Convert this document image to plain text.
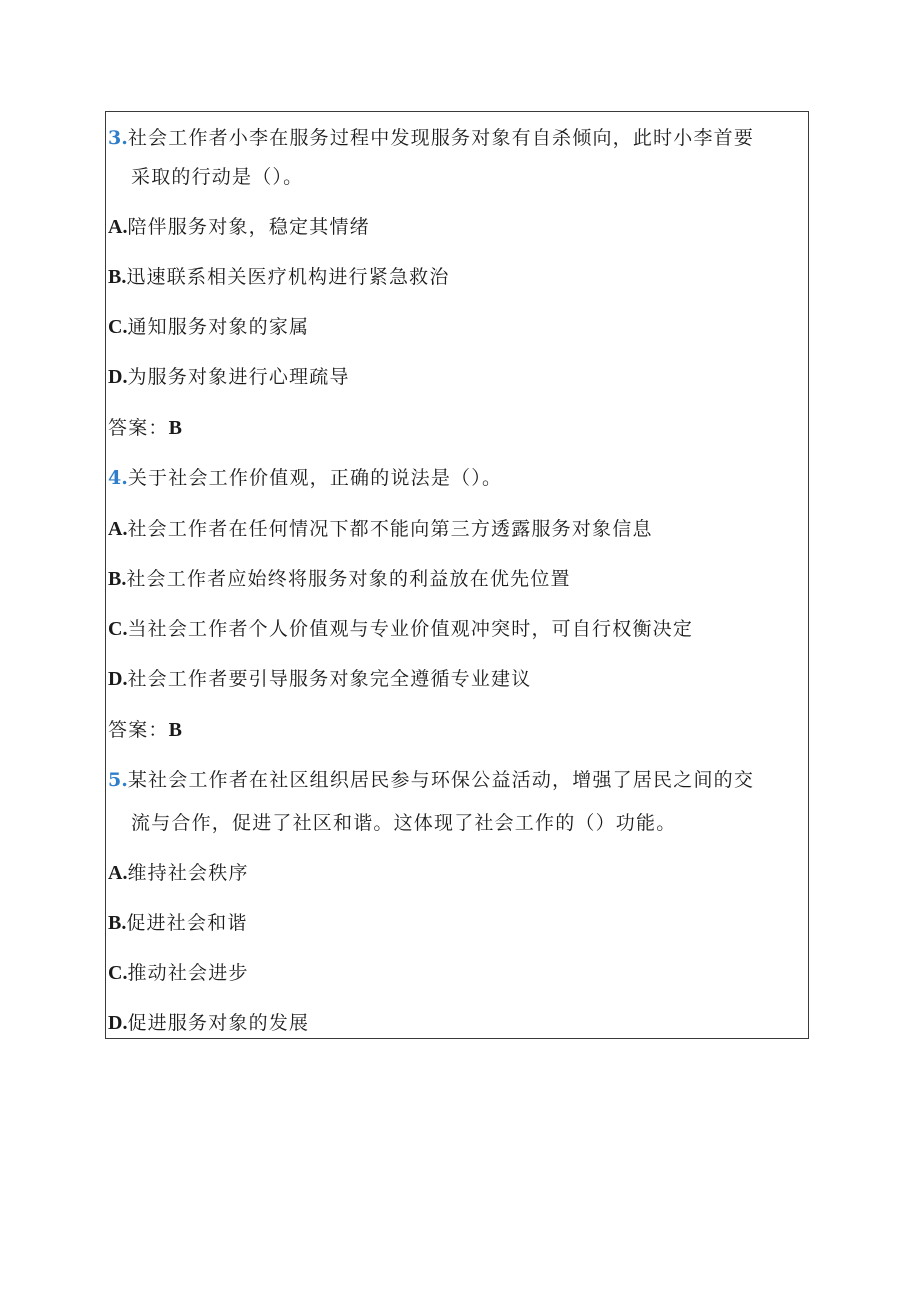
3.社会工作者小李在服务过程中发现服务对象有自杀倾向，此时小李首要
采取的行动是（）。
A.陪伴服务对象，稳定其情绪
B.迅速联系相关医疗机构进行紧急救治
C.通知服务对象的家属
D.为服务对象进行心理疏导
答案：B
4.关于社会工作价值观，正确的说法是（）。
A.社会工作者在任何情况下都不能向第三方透露服务对象信息
B.社会工作者应始终将服务对象的利益放在优先位置
C.当社会工作者个人价值观与专业价值观冲突时，可自行权衡决定
D.社会工作者要引导服务对象完全遵循专业建议
答案：B
5.某社会工作者在社区组织居民参与环保公益活动，增强了居民之间的交
流与合作，促进了社区和谐。这体现了社会工作的（）功能。
A.维持社会秩序
B.促进社会和谐
C.推动社会进步
D.促进服务对象的发展
